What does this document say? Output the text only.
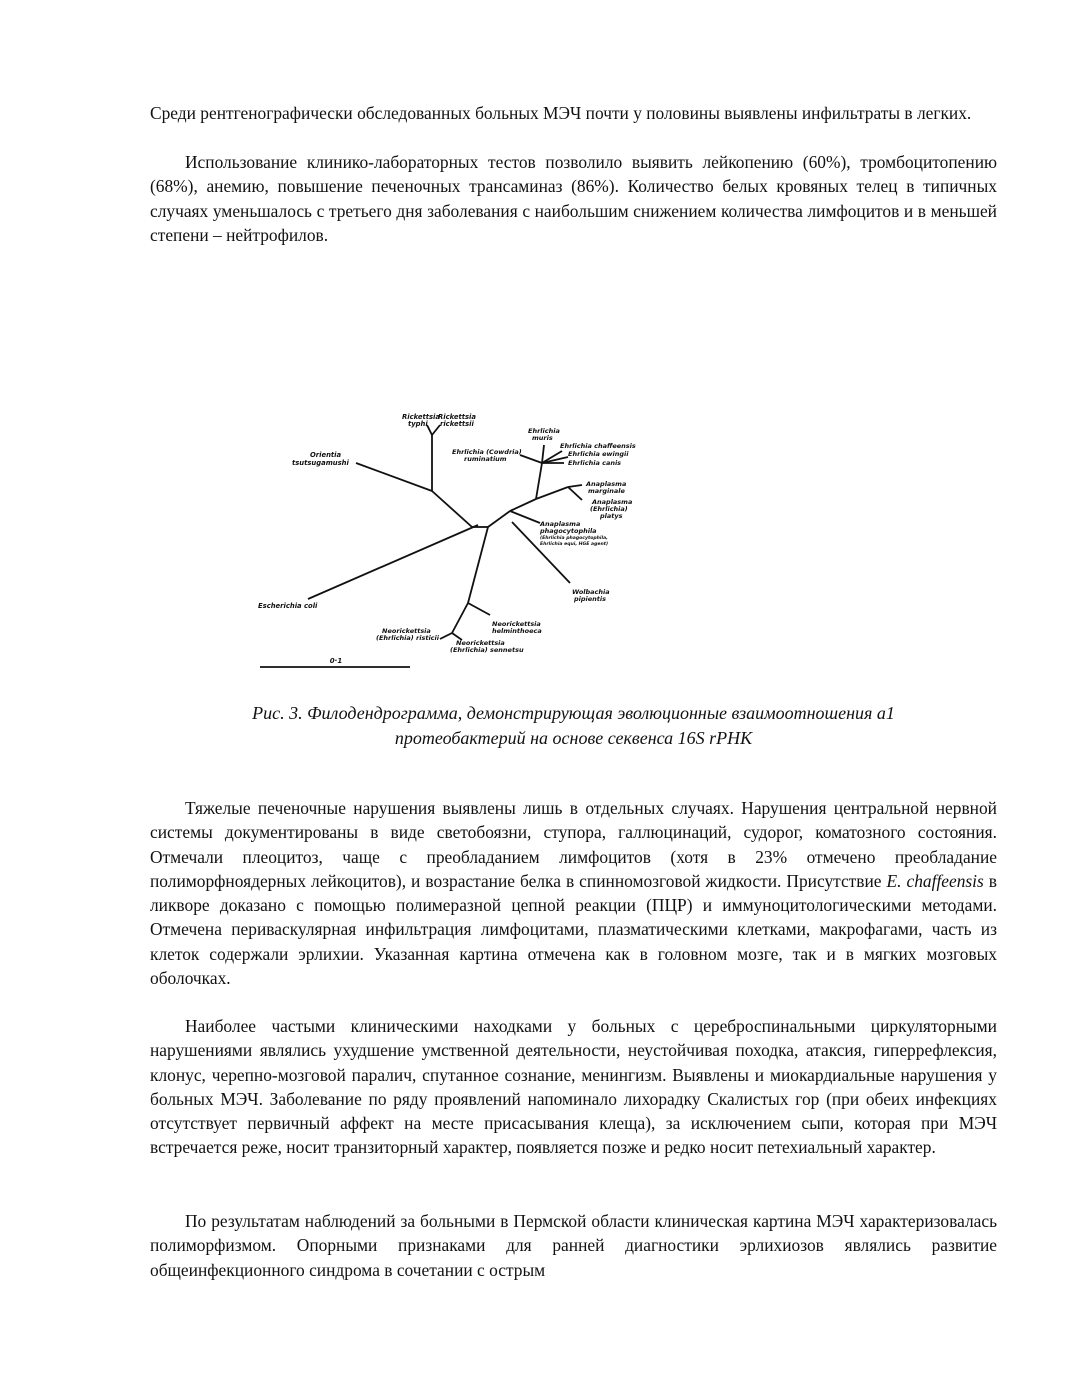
Среди рентгенографически обследованных больных МЭЧ почти у половины выявлены инфильтраты в легких.

Использование клинико-лабораторных тестов позволило выявить лейкопению (60%), тромбоцитопению (68%), анемию, повышение печеночных трансаминаз (86%). Количество белых кровяных телец в типичных случаях уменьшалось с третьего дня заболевания с наибольшим снижением количества лимфоцитов и в меньшей степени – нейтрофилов.

0·1
Rickettsia
typhi
Rickettsia
rickettsii
Orientia
tsutsugamushi
Ehrlichia
muris
Ehrlichia (Cowdria)
ruminatium
Ehrlichia chaffeensis
Ehrlichia ewingii
Ehrlichia canis
Anaplasma
marginale
Anaplasma
(Ehrlichia)
platys
Anaplasma
phagocytophila
(Ehrlichia phagocytophila,
Ehrlichia equi, HGE agent)
Wolbachia
pipientis
Escherichia coli
Neorickettsia
helminthoeca
Neorickettsia
(Ehrlichia) risticii
Neorickettsia
(Ehrlichia) sennetsu

Рис. 3. Филодендрограмма, демонстрирующая эволюционные взаимоотношения a1
протеобактерий на основе секвенса 16S rРНК

Тяжелые печеночные нарушения выявлены лишь в отдельных случаях. Нарушения центральной нервной системы документированы в виде светобоязни, ступора, галлюцинаций, судорог, коматозного состояния. Отмечали плеоцитоз, чаще с преобладанием лимфоцитов (хотя в 23% отмечено преобладание полиморфноядерных лейкоцитов), и возрастание белка в спинномозговой жидкости. Присутствие E. chaffeensis в ликворе доказано с помощью полимеразной цепной реакции (ПЦР) и иммуноцитологическими методами. Отмечена периваскулярная инфильтрация лимфоцитами, плазматическими клетками, макрофагами, часть из клеток содержали эрлихии. Указанная картина отмечена как в головном мозге, так и в мягких мозговых оболочках.

Наиболее частыми клиническими находками у больных с цереброспинальными циркуляторными нарушениями являлись ухудшение умственной деятельности, неустойчивая походка, атаксия, гиперрефлексия, клонус, черепно-мозговой паралич, спутанное сознание, менингизм. Выявлены и миокардиальные нарушения у больных МЭЧ. Заболевание по ряду проявлений напоминало лихорадку Скалистых гор (при обеих инфекциях отсутствует первичный аффект на месте присасывания клеща), за исключением сыпи, которая при МЭЧ встречается реже, носит транзиторный характер, появляется позже и редко носит петехиальный характер.

По результатам наблюдений за больными в Пермской области клиническая картина МЭЧ характеризовалась полиморфизмом. Опорными признаками для ранней диагностики эрлихиозов являлись развитие общеинфекционного синдрома в сочетании с острым
